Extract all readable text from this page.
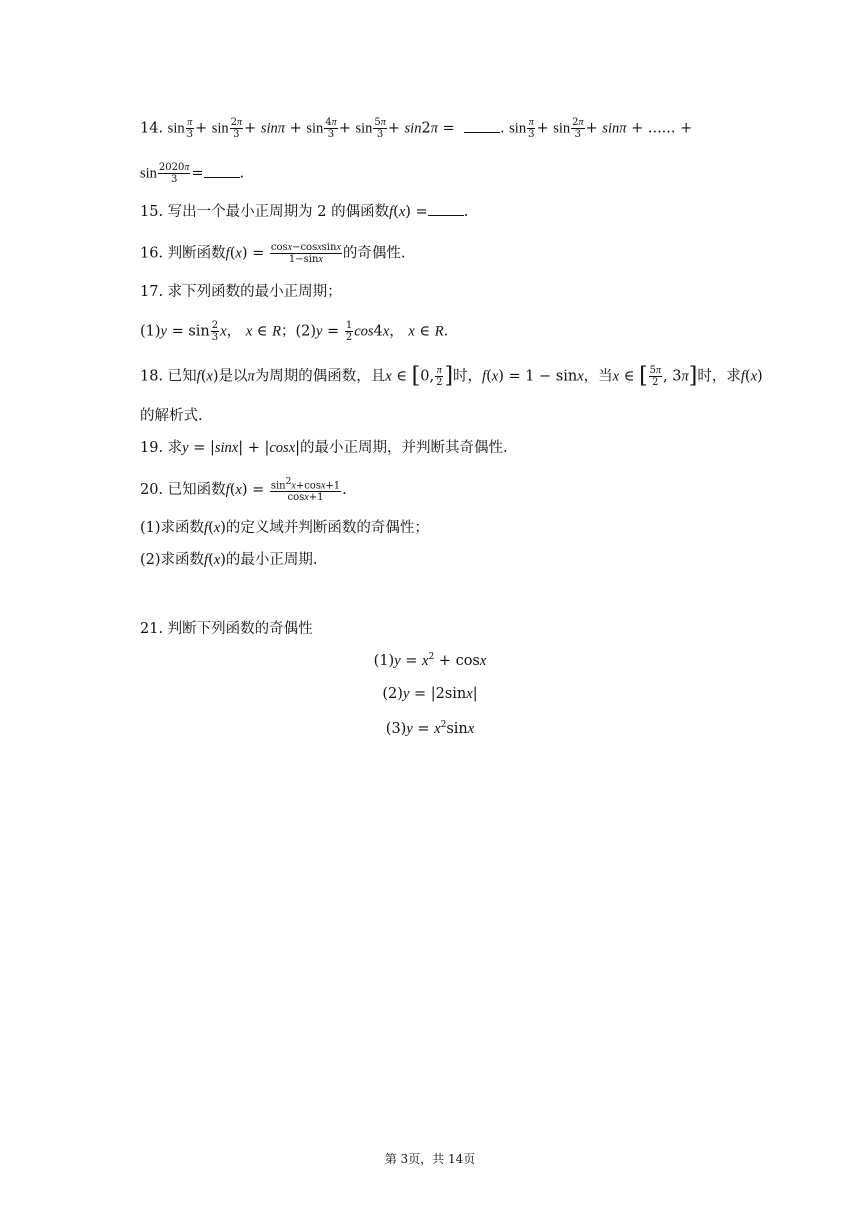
14. $\sin \frac{\pi}{3} + \sin \frac{2\pi}{3} + \sin\pi + \sin \frac{4\pi}{3} + \sin \frac{5\pi}{3} + \sin 2\pi$ =  . $\sin \frac{\pi}{3} + \sin \frac{2\pi}{3} + \sin\pi$ + ...... +
$\sin \frac{2020\pi}{3}$ = .
15. 写出一个最小正周期为 2 的偶函数f(x) = .
16. 判断函数$f(x) = \frac{\text{cosx−cosxsinx}}{1-\sin x}$ 的奇偶性.
17. 求下列函数的最小正周期；
$(1)y = \sin \frac{2}{3}$ x， x ∈ R；$(2)y = \frac{1}{2} \cos 4x$， x ∈ R.
18. 已知f(x)是以π为周期的偶函数，且x ∈ [0, $\frac{\pi}{2}$ ]时，f(x) = 1 − sinx，当x ∈ [ $\frac{5\pi}{2}$ , 3π]时，求f(x)
的解析式.
19. 求y = |sinx| + |cosx|的最小正周期，并判断其奇偶性.
20. 已知函数$f(x) = \frac{\sin^2x+\cos x+1}{\cos x+1}$ .
(1)求函数f(x)的定义域并判断函数的奇偶性；
(2)求函数f(x)的最小正周期.
21. 判断下列函数的奇偶性
$(1)y = x^2 + \cos x$
(2)y = |2sinx|
$(3)y = x^2\sin x$
第 3页，共 14页
